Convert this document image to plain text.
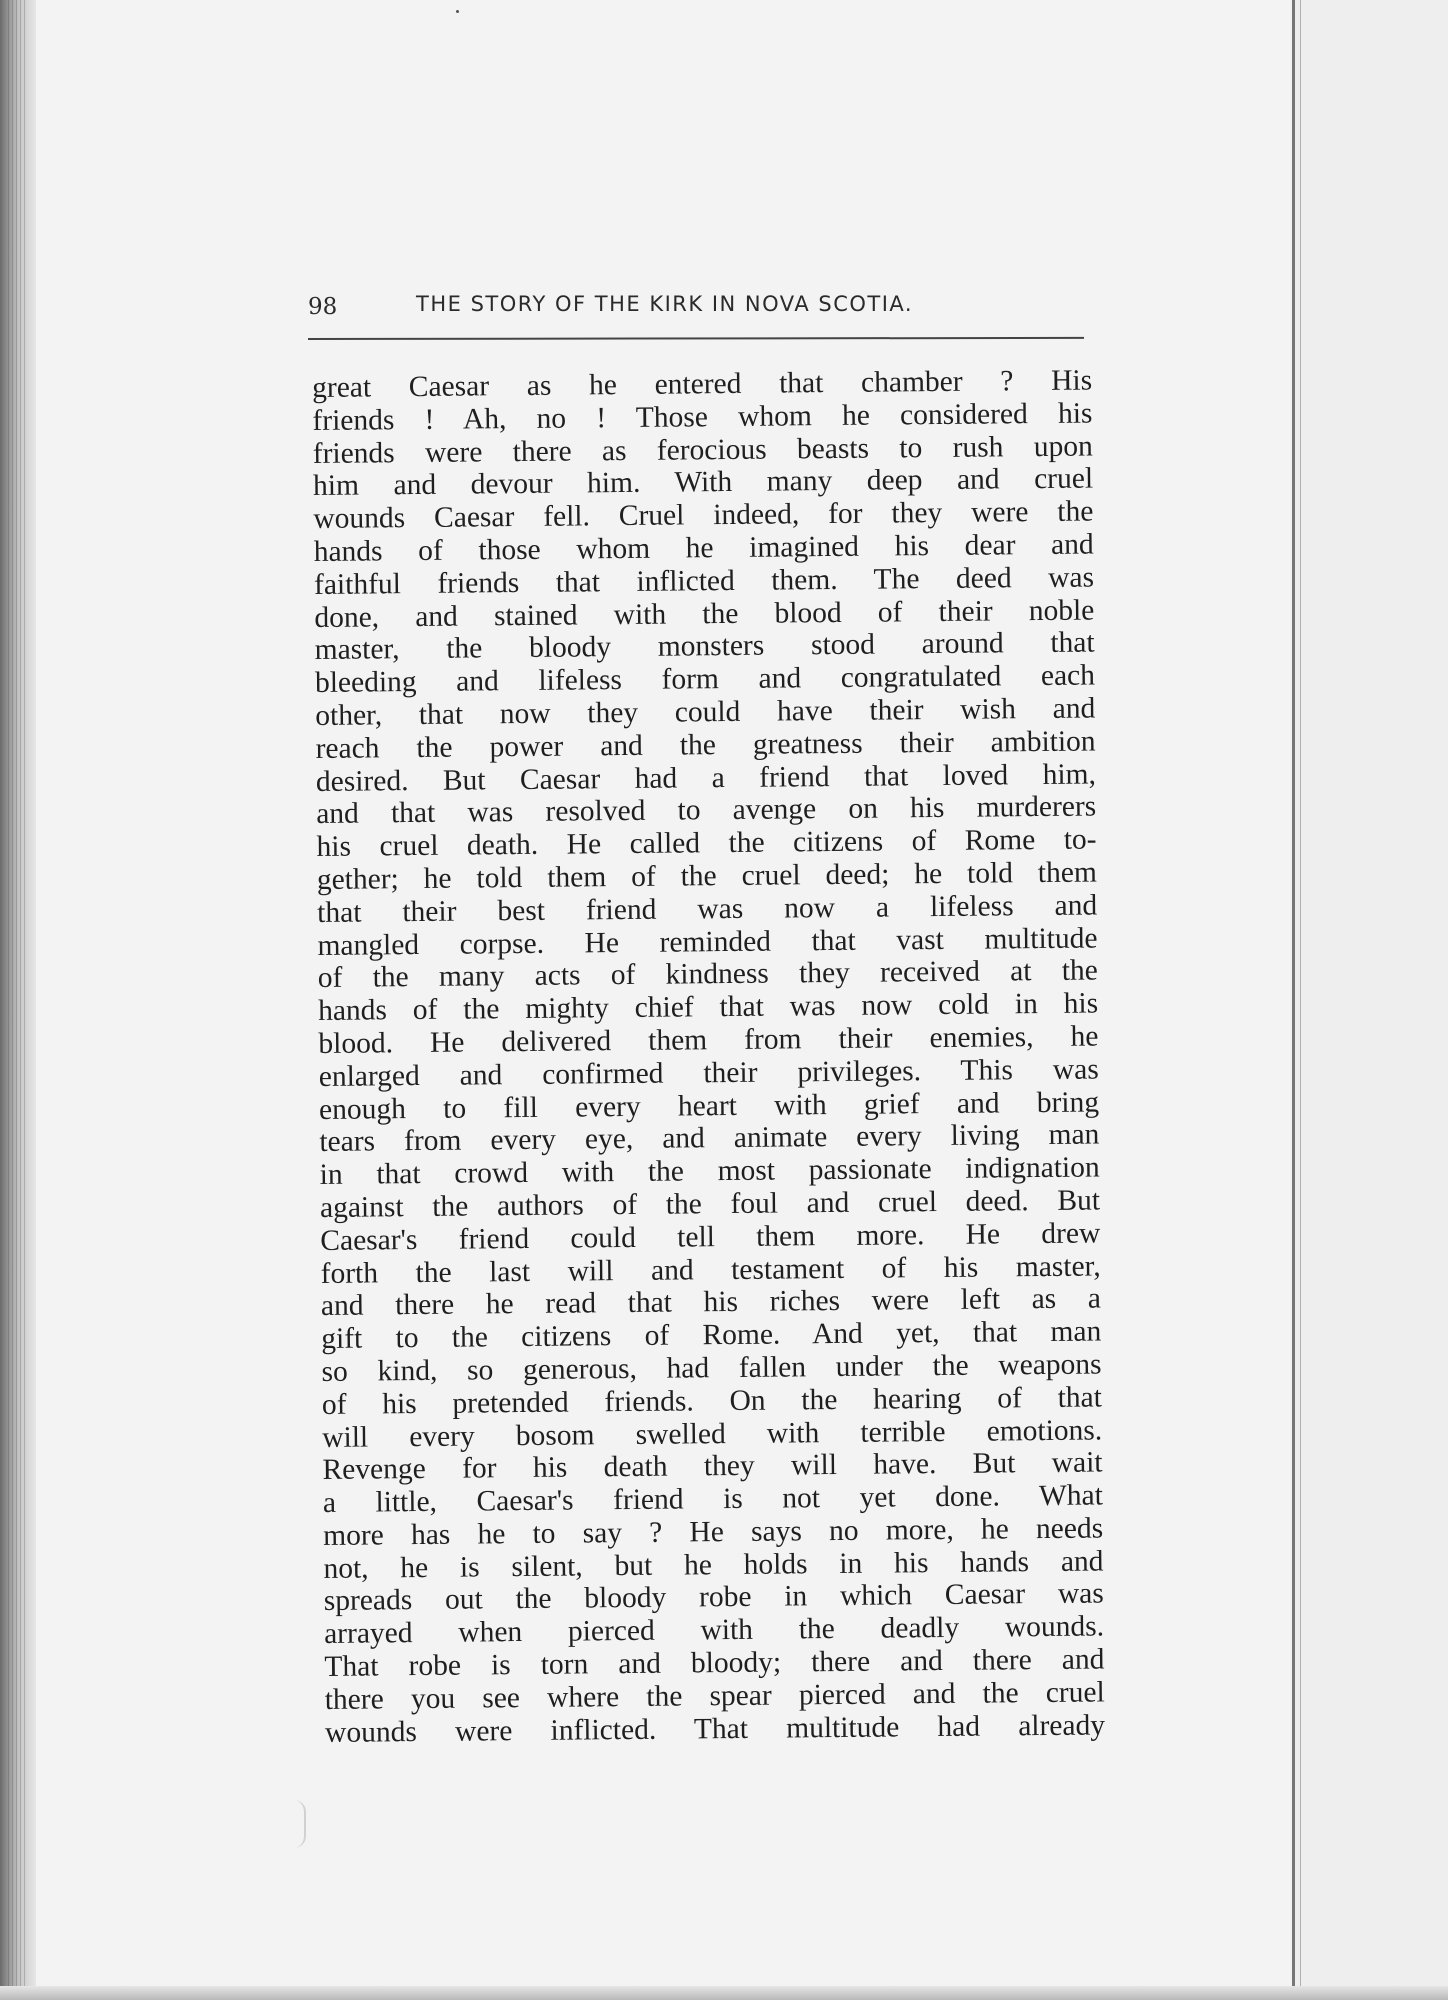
98	THE STORY OF THE KIRK IN NOVA SCOTIA.
great Caesar as he entered that chamber ? His
friends ! Ah, no ! Those whom he considered his
friends were there as ferocious beasts to rush upon
him and devour him. With many deep and cruel
wounds Caesar fell. Cruel indeed, for they were the
hands of those whom he imagined his dear and
faithful friends that inflicted them. The deed was
done, and stained with the blood of their noble
master, the bloody monsters stood around that
bleeding and lifeless form and congratulated each
other, that now they could have their wish and
reach the power and the greatness their ambition
desired. But Caesar had a friend that loved him,
and that was resolved to avenge on his murderers
his cruel death. He called the citizens of Rome to-
gether; he told them of the cruel deed; he told them
that their best friend was now a lifeless and
mangled corpse. He reminded that vast multitude
of the many acts of kindness they received at the
hands of the mighty chief that was now cold in his
blood. He delivered them from their enemies, he
enlarged and confirmed their privileges. This was
enough to fill every heart with grief and bring
tears from every eye, and animate every living man
in that crowd with the most passionate indignation
against the authors of the foul and cruel deed. But
Caesar's friend could tell them more. He drew
forth the last will and testament of his master,
and there he read that his riches were left as a
gift to the citizens of Rome. And yet, that man
so kind, so generous, had fallen under the weapons
of his pretended friends. On the hearing of that
will every bosom swelled with terrible emotions.
Revenge for his death they will have. But wait
a little, Caesar's friend is not yet done. What
more has he to say ? He says no more, he needs
not, he is silent, but he holds in his hands and
spreads out the bloody robe in which Caesar was
arrayed when pierced with the deadly wounds.
That robe is torn and bloody; there and there and
there you see where the spear pierced and the cruel
wounds were inflicted. That multitude had already
